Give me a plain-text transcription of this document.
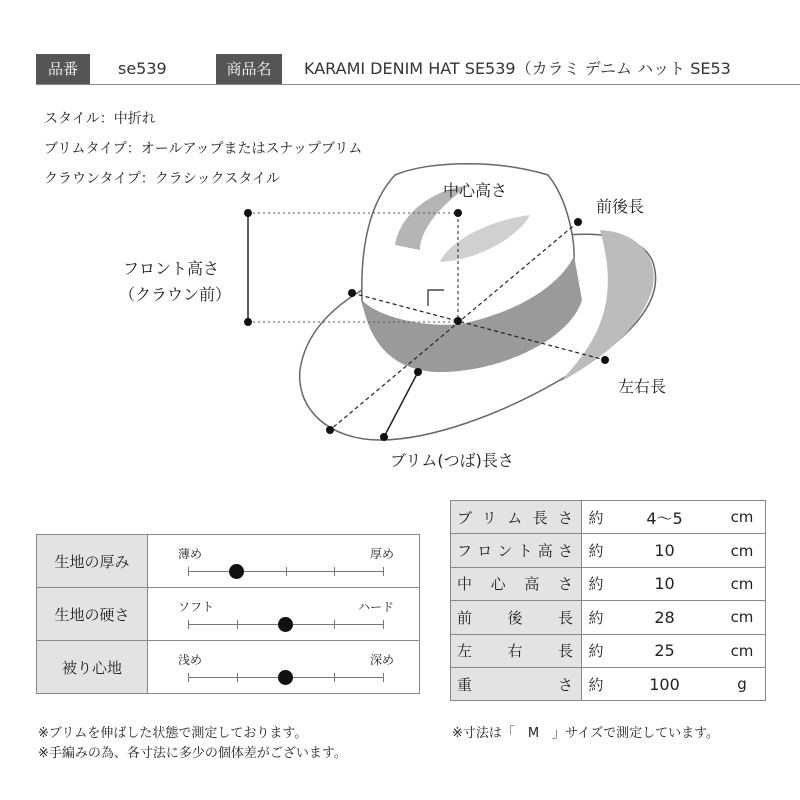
品番	se539	商品名	KARAMI DENIM HAT SE539（カラミ デニム ハット SE53
スタイル：中折れ
ブリムタイプ：オールアップまたはスナップブリム
クラウンタイプ：クラシックスタイル
中心高さ
前後長
フロント高さ
（クラウン前）
左右長
ブリム(つば)長さ
生地の厚み	薄め 厚め

生地の硬さ	ソフト ハード

被り心地	浅め 深め
ブリム長さ	約	4〜5	cm

フロント高さ	約	10	cm

中心高さ	約	10	cm

前後長	約	28	cm

左右長	約	25	cm

重さ	約	100	g
※ブリムを伸ばした状態で測定しております。
※手編みの為、各寸法に多少の個体差がございます。
※寸法は「　M　」サイズで測定しています。
